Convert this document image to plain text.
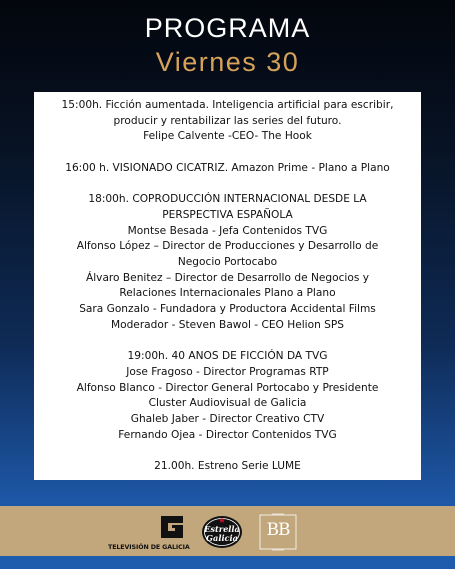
PROGRAMA
Viernes 30
15:00h. Ficción aumentada. Inteligencia artificial para escribir,
producir y rentabilizar las series del futuro.
Felipe Calvente -CEO- The Hook
16:00 h. VISIONADO CICATRIZ. Amazon Prime - Plano a Plano
18:00h. COPRODUCCIÓN INTERNACIONAL DESDE LA
PERSPECTIVA ESPAÑOLA
Montse Besada - Jefa Contenidos TVG
Alfonso López – Director de Producciones y Desarrollo de
Negocio Portocabo
Álvaro Benitez – Director de Desarrollo de Negocios y
Relaciones Internacionales Plano a Plano
Sara Gonzalo - Fundadora y Productora Accidental Films
Moderador - Steven Bawol - CEO Helion SPS
19:00h. 40 ANOS DE FICCIÓN DA TVG
Jose Fragoso - Director Programas RTP
Alfonso Blanco - Director General Portocabo y Presidente
Cluster Audiovisual de Galicia
Ghaleb Jaber - Director Creativo CTV
Fernando Ojea - Director Contenidos TVG
21.00h. Estreno Serie LUME
TELEVISIÓN DE GALICIA
Estrella
Galicia	BB
